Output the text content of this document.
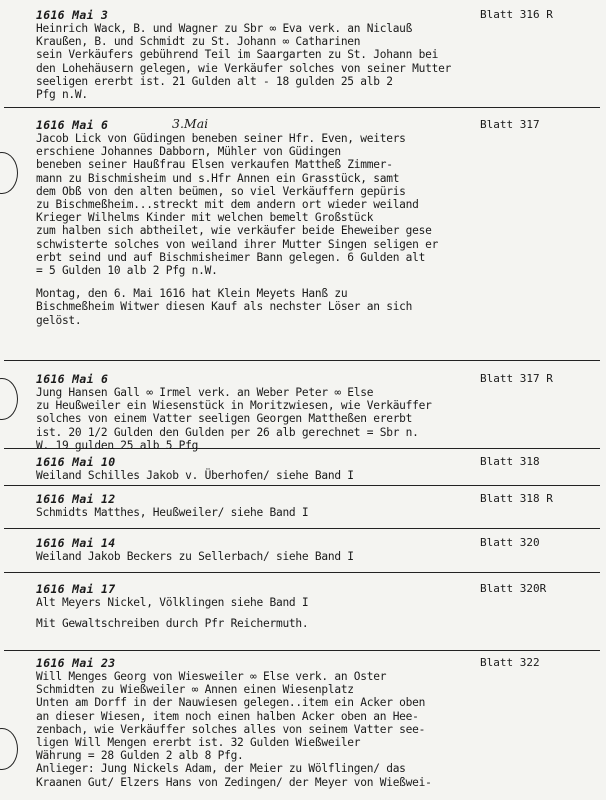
1616 Mai 3	Blatt 316 R
Heinrich Wack, B. und Wagner zu Sbr ∞ Eva verk. an Niclauß
Kraußen, B. und Schmidt zu St. Johann ∞ Catharinen
sein Verkäufers gebührend Teil im Saargarten zu St. Johann bei
den Lohehäusern gelegen, wie Verkäufer solches von seiner Mutter
seeligen ererbt ist. 21 Gulden alt - 18 gulden 25 alb 2
Pfg n.W.
1616 Mai 6	3.Mai	Blatt 317
Jacob Lick von Güdingen beneben seiner Hfr. Even, weiters
erschiene Johannes Dabborn, Mühler von Güdingen
beneben seiner Haußfrau Elsen verkaufen Mattheß Zimmer-
mann zu Bischmisheim und s.Hfr Annen ein Grasstück, samt
dem Obß von den alten beümen, so viel Verkäuffern gepüris
zu Bischmeßheim...streckt mit dem andern ort wieder weiland
Krieger Wilhelms Kinder mit welchen bemelt Großstück
zum halben sich abtheilet, wie verkäufer beide Eheweiber gese
schwisterte solches von weiland ihrer Mutter Singen seligen er
erbt seind und auf Bischmisheimer Bann gelegen. 6 Gulden alt
= 5 Gulden 10 alb 2 Pfg n.W.
Montag, den 6. Mai 1616 hat Klein Meyets Hanß zu
Bischmeßheim Witwer diesen Kauf als nechster Löser an sich
gelöst.
1616 Mai 6	Blatt 317 R
Jung Hansen Gall ∞ Irmel verk. an Weber Peter ∞ Else
zu Heußweiler ein Wiesenstück in Moritzwiesen, wie Verkäuffer
solches von einem Vatter seeligen Georgen Mattheßen ererbt
ist. 20 1/2 Gulden den Gulden per 26 alb gerechnet = Sbr n.
W. 19 gulden 25 alb 5 Pfg
1616 Mai 10	Blatt 318
Weiland Schilles Jakob v. Überhofen/ siehe Band I
1616 Mai 12	Blatt 318 R
Schmidts Matthes, Heußweiler/ siehe Band I
1616 Mai 14	Blatt 320
Weiland Jakob Beckers zu Sellerbach/ siehe Band I
1616 Mai 17	Blatt 320R
Alt Meyers Nickel, Völklingen siehe Band I
Mit Gewaltschreiben durch Pfr Reichermuth.
1616 Mai 23	Blatt 322
Will Menges Georg von Wiesweiler ∞ Else verk. an Oster
Schmidten zu Wießweiler ∞ Annen einen Wiesenplatz
Unten am Dorff in der Nauwiesen gelegen..item ein Acker oben
an dieser Wiesen, item noch einen halben Acker oben an Hee-
zenbach, wie Verkäuffer solches alles von seinem Vatter see-
ligen Will Mengen ererbt ist. 32 Gulden Wießweiler
Währung = 28 Gulden 2 alb 8 Pfg.
Anlieger: Jung Nickels Adam, der Meier zu Wölflingen/ das
Kraanen Gut/ Elzers Hans von Zedingen/ der Meyer von Wießwei-
